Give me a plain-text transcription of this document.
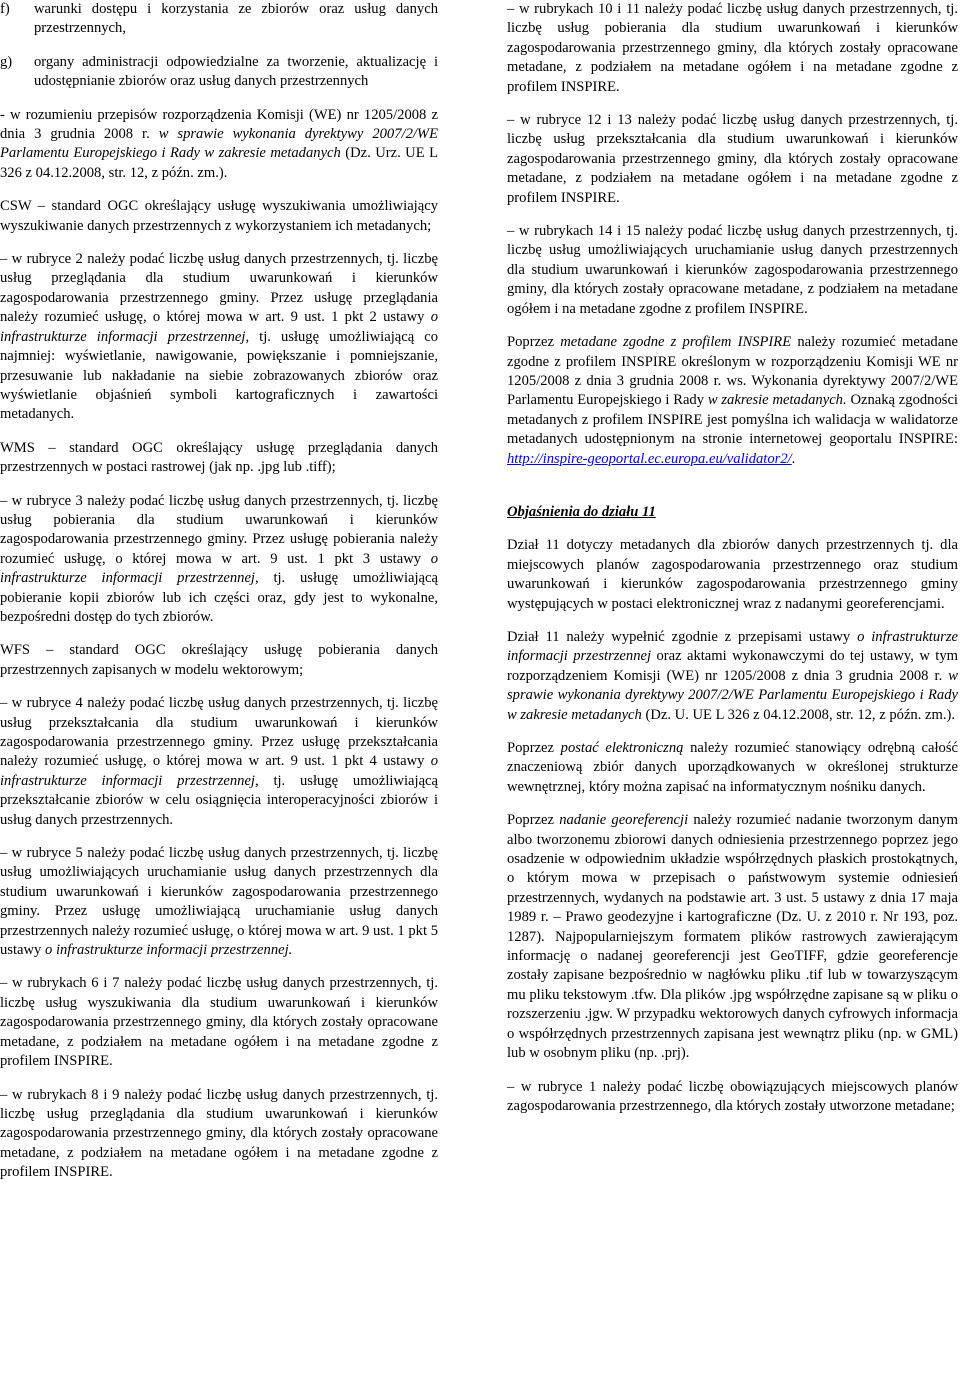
f)	warunki dostępu i korzystania ze zbiorów oraz usług danych przestrzennych,
g)	organy administracji odpowiedzialne za tworzenie, aktualizację i udostępnianie zbiorów oraz usług danych przestrzennych

- w rozumieniu przepisów rozporządzenia Komisji (WE) nr 1205/2008 z dnia 3 grudnia 2008 r. w sprawie wykonania dyrektywy 2007/2/WE Parlamentu Europejskiego i Rady w zakresie metadanych (Dz. Urz. UE L 326 z 04.12.2008, str. 12, z późn. zm.).

CSW – standard OGC określający usługę wyszukiwania umożliwiający wyszukiwanie danych przestrzennych z wykorzystaniem ich metadanych;

– w rubryce 2 należy podać liczbę usług danych przestrzennych, tj. liczbę usług przeglądania dla studium uwarunkowań i kierunków zagospodarowania przestrzennego gminy. Przez usługę przeglądania należy rozumieć usługę, o której mowa w art. 9 ust. 1 pkt 2 ustawy o infrastrukturze informacji przestrzennej, tj. usługę umożliwiającą co najmniej: wyświetlanie, nawigowanie, powiększanie i pomniejszanie, przesuwanie lub nakładanie na siebie zobrazowanych zbiorów oraz wyświetlanie objaśnień symboli kartograficznych i zawartości metadanych.

WMS – standard OGC określający usługę przeglądania danych przestrzennych w postaci rastrowej (jak np. .jpg lub .tiff);

– w rubryce 3 należy podać liczbę usług danych przestrzennych, tj. liczbę usług pobierania dla studium uwarunkowań i kierunków zagospodarowania przestrzennego gminy. Przez usługę pobierania należy rozumieć usługę, o której mowa w art. 9 ust. 1 pkt 3 ustawy o infrastrukturze informacji przestrzennej, tj. usługę umożliwiającą pobieranie kopii zbiorów lub ich części oraz, gdy jest to wykonalne, bezpośredni dostęp do tych zbiorów.

WFS – standard OGC określający usługę pobierania danych przestrzennych zapisanych w modelu wektorowym;

– w rubryce 4 należy podać liczbę usług danych przestrzennych, tj. liczbę usług przekształcania dla studium uwarunkowań i kierunków zagospodarowania przestrzennego gminy. Przez usługę przekształcania należy rozumieć usługę, o której mowa w art. 9 ust. 1 pkt 4 ustawy o infrastrukturze informacji przestrzennej, tj. usługę umożliwiającą przekształcanie zbiorów w celu osiągnięcia interoperacyjności zbiorów i usług danych przestrzennych.

– w rubryce 5 należy podać liczbę usług danych przestrzennych, tj. liczbę usług umożliwiających uruchamianie usług danych przestrzennych dla studium uwarunkowań i kierunków zagospodarowania przestrzennego gminy. Przez usługę umożliwiającą uruchamianie usług danych przestrzennych należy rozumieć usługę, o której mowa w art. 9 ust. 1 pkt 5 ustawy o infrastrukturze informacji przestrzennej.

– w rubrykach 6 i 7 należy podać liczbę usług danych przestrzennych, tj. liczbę usług wyszukiwania dla studium uwarunkowań i kierunków zagospodarowania przestrzennego gminy, dla których zostały opracowane metadane, z podziałem na metadane ogółem i na metadane zgodne z profilem INSPIRE.

– w rubrykach 8 i 9 należy podać liczbę usług danych przestrzennych, tj. liczbę usług przeglądania dla studium uwarunkowań i kierunków zagospodarowania przestrzennego gminy, dla których zostały opracowane metadane, z podziałem na metadane ogółem i na metadane zgodne z profilem INSPIRE.

– w rubrykach 10 i 11 należy podać liczbę usług danych przestrzennych, tj. liczbę usług pobierania dla studium uwarunkowań i kierunków zagospodarowania przestrzennego gminy, dla których zostały opracowane metadane, z podziałem na metadane ogółem i na metadane zgodne z profilem INSPIRE.

– w rubryce 12 i 13 należy podać liczbę usług danych przestrzennych, tj. liczbę usług przekształcania dla studium uwarunkowań i kierunków zagospodarowania przestrzennego gminy, dla których zostały opracowane metadane, z podziałem na metadane ogółem i na metadane zgodne z profilem INSPIRE.

– w rubrykach 14 i 15 należy podać liczbę usług danych przestrzennych, tj. liczbę usług umożliwiających uruchamianie usług danych przestrzennych dla studium uwarunkowań i kierunków zagospodarowania przestrzennego gminy, dla których zostały opracowane metadane, z podziałem na metadane ogółem i na metadane zgodne z profilem INSPIRE.

Poprzez metadane zgodne z profilem INSPIRE należy rozumieć metadane zgodne z profilem INSPIRE określonym w rozporządzeniu Komisji WE nr 1205/2008 z dnia 3 grudnia 2008 r. ws. Wykonania dyrektywy 2007/2/WE Parlamentu Europejskiego i Rady w zakresie metadanych. Oznaką zgodności metadanych z profilem INSPIRE jest pomyślna ich walidacja w walidatorze metadanych udostępnionym na stronie internetowej geoportalu INSPIRE: http://inspire-geoportal.ec.europa.eu/validator2/.

Objaśnienia do działu 11

Dział 11 dotyczy metadanych dla zbiorów danych przestrzennych tj. dla miejscowych planów zagospodarowania przestrzennego oraz studium uwarunkowań i kierunków zagospodarowania przestrzennego gminy występujących w postaci elektronicznej wraz z nadanymi georeferencjami.

Dział 11 należy wypełnić zgodnie z przepisami ustawy o infrastrukturze informacji przestrzennej oraz aktami wykonawczymi do tej ustawy, w tym rozporządzeniem Komisji (WE) nr 1205/2008 z dnia 3 grudnia 2008 r. w sprawie wykonania dyrektywy 2007/2/WE Parlamentu Europejskiego i Rady w zakresie metadanych (Dz. U. UE L 326 z 04.12.2008, str. 12, z późn. zm.).

Poprzez postać elektroniczną należy rozumieć stanowiący odrębną całość znaczeniową zbiór danych uporządkowanych w określonej strukturze wewnętrznej, który można zapisać na informatycznym nośniku danych.

Poprzez nadanie georeferencji należy rozumieć nadanie tworzonym danym albo tworzonemu zbiorowi danych odniesienia przestrzennego poprzez jego osadzenie w odpowiednim układzie współrzędnych płaskich prostokątnych, o którym mowa w przepisach o państwowym systemie odniesień przestrzennych, wydanych na podstawie art. 3 ust. 5 ustawy z dnia 17 maja 1989 r. – Prawo geodezyjne i kartograficzne (Dz. U. z 2010 r. Nr 193, poz. 1287). Najpopularniejszym formatem plików rastrowych zawierającym informację o nadanej georeferencji jest GeoTIFF, gdzie georeferencje zostały zapisane bezpośrednio w nagłówku pliku .tif lub w towarzyszącym mu pliku tekstowym .tfw. Dla plików .jpg współrzędne zapisane są w pliku o rozszerzeniu .jgw. W przypadku wektorowych danych cyfrowych informacja o współrzędnych przestrzennych zapisana jest wewnątrz pliku (np. w GML) lub w osobnym pliku (np. .prj).

– w rubryce 1 należy podać liczbę obowiązujących miejscowych planów zagospodarowania przestrzennego, dla których zostały utworzone metadane;
